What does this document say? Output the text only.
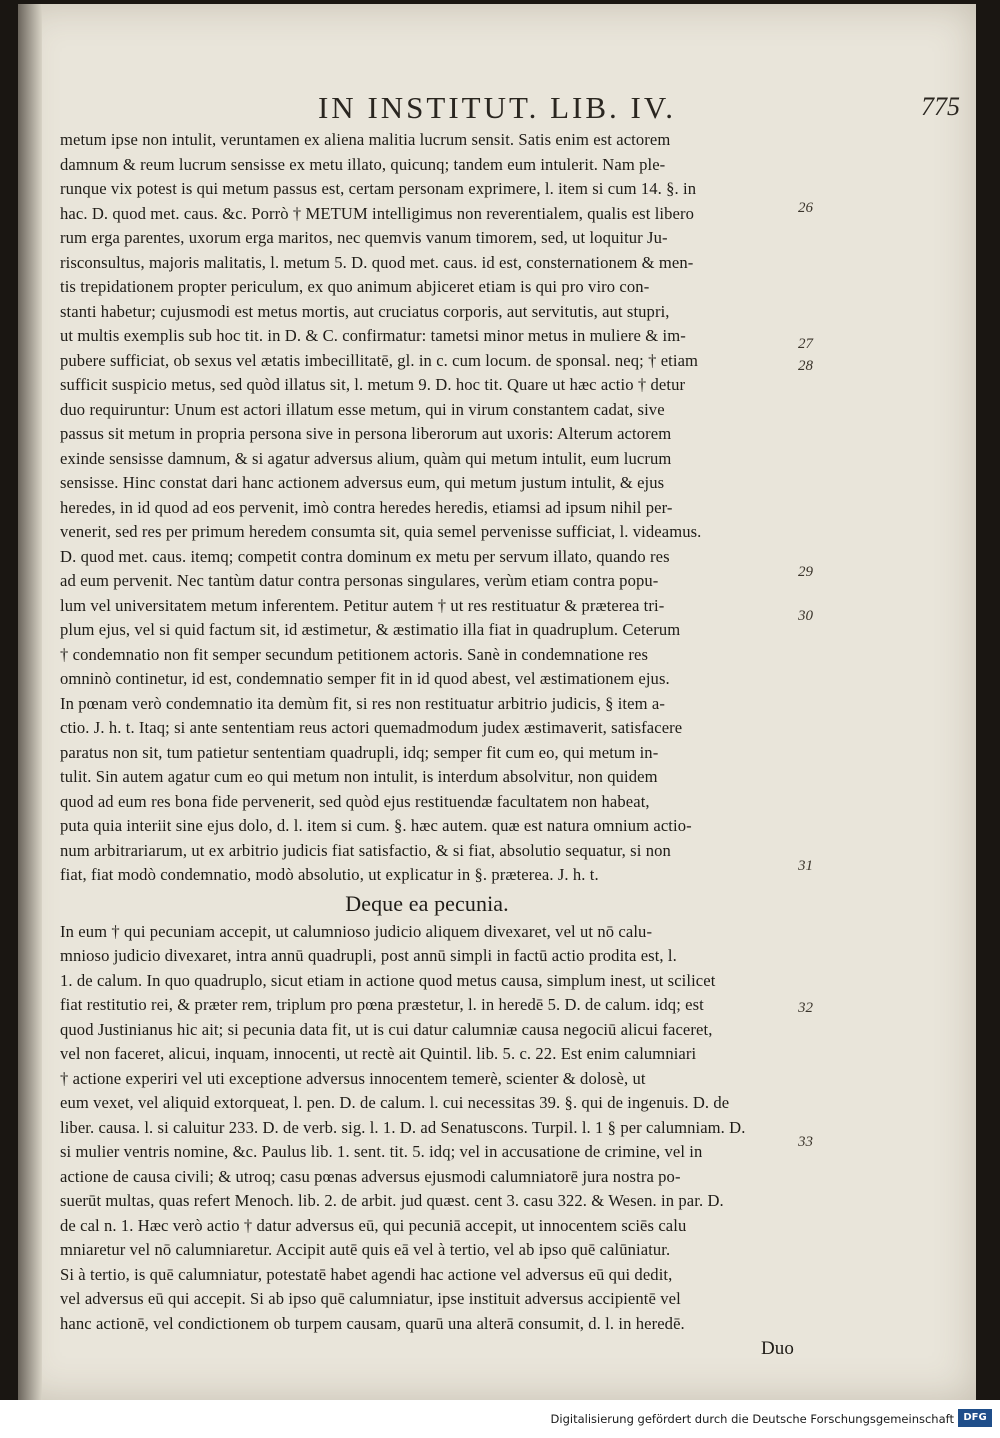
IN INSTITUT. LIB. IV.	775
metum ipse non intulit, veruntamen ex aliena malitia lucrum sensit. Satis enim est actorem
damnum & reum lucrum sensisse ex metu illato, quicunq; tandem eum intulerit. Nam ple-
runque vix potest is qui metum passus est, certam personam exprimere, l. item si cum 14. §. in
hac. D. quod met. caus. &c. Porrò † METUM intelligimus non reverentialem, qualis est libero
rum erga parentes, uxorum erga maritos, nec quemvis vanum timorem, sed, ut loquitur Ju-
risconsultus, majoris malitatis, l. metum 5. D. quod met. caus. id est, consternationem & men-
tis trepidationem propter periculum, ex quo animum abjiceret etiam is qui pro viro con-
stanti habetur; cujusmodi est metus mortis, aut cruciatus corporis, aut servitutis, aut stupri,
ut multis exemplis sub hoc tit. in D. & C. confirmatur: tametsi minor metus in muliere & im-
pubere sufficiat, ob sexus vel ætatis imbecillitatē, gl. in c. cum locum. de sponsal. neq; † etiam
sufficit suspicio metus, sed quòd illatus sit, l. metum 9. D. hoc tit. Quare ut hæc actio † detur
duo requiruntur: Unum est actori illatum esse metum, qui in virum constantem cadat, sive
passus sit metum in propria persona sive in persona liberorum aut uxoris: Alterum actorem
exinde sensisse damnum, & si agatur adversus alium, quàm qui metum intulit, eum lucrum
sensisse. Hinc constat dari hanc actionem adversus eum, qui metum justum intulit, & ejus
heredes, in id quod ad eos pervenit, imò contra heredes heredis, etiamsi ad ipsum nihil per-
venerit, sed res per primum heredem consumta sit, quia semel pervenisse sufficiat, l. videamus.
D. quod met. caus. itemq; competit contra dominum ex metu per servum illato, quando res
ad eum pervenit. Nec tantùm datur contra personas singulares, verùm etiam contra popu-
lum vel universitatem metum inferentem. Petitur autem † ut res restituatur & præterea tri-
plum ejus, vel si quid factum sit, id æstimetur, & æstimatio illa fiat in quadruplum. Ceterum
† condemnatio non fit semper secundum petitionem actoris. Sanè in condemnatione res
omninò continetur, id est, condemnatio semper fit in id quod abest, vel æstimationem ejus.
In pœnam verò condemnatio ita demùm fit, si res non restituatur arbitrio judicis, § item a-
ctio. J. h. t. Itaq; si ante sententiam reus actori quemadmodum judex æstimaverit, satisfacere
paratus non sit, tum patietur sententiam quadrupli, idq; semper fit cum eo, qui metum in-
tulit. Sin autem agatur cum eo qui metum non intulit, is interdum absolvitur, non quidem
quod ad eum res bona fide pervenerit, sed quòd ejus restituendæ facultatem non habeat,
puta quia interiit sine ejus dolo, d. l. item si cum. §. hæc autem. quæ est natura omnium actio-
num arbitrariarum, ut ex arbitrio judicis fiat satisfactio, & si fiat, absolutio sequatur, si non
fiat, fiat modò condemnatio, modò absolutio, ut explicatur in §. præterea. J. h. t.
Deque ea pecunia.
In eum † qui pecuniam accepit, ut calumnioso judicio aliquem divexaret, vel ut nō calu-
mnioso judicio divexaret, intra annū quadrupli, post annū simpli in factū actio prodita est, l.
1. de calum. In quo quadruplo, sicut etiam in actione quod metus causa, simplum inest, ut scilicet
fiat restitutio rei, & præter rem, triplum pro pœna præstetur, l. in heredē 5. D. de calum. idq; est
quod Justinianus hic ait; si pecunia data fit, ut is cui datur calumniæ causa negociū alicui faceret,
vel non faceret, alicui, inquam, innocenti, ut rectè ait Quintil. lib. 5. c. 22. Est enim calumniari
† actione experiri vel uti exceptione adversus innocentem temerè, scienter & dolosè, ut
eum vexet, vel aliquid extorqueat, l. pen. D. de calum. l. cui necessitas 39. §. qui de ingenuis. D. de
liber. causa. l. si caluitur 233. D. de verb. sig. l. 1. D. ad Senatuscons. Turpil. l. 1 § per calumniam. D.
si mulier ventris nomine, &c. Paulus lib. 1. sent. tit. 5. idq; vel in accusatione de crimine, vel in
actione de causa civili; & utroq; casu pœnas adversus ejusmodi calumniatorē jura nostra po-
suerūt multas, quas refert Menoch. lib. 2. de arbit. jud quæst. cent 3. casu 322. & Wesen. in par. D.
de cal n. 1. Hæc verò actio † datur adversus eū, qui pecuniā accepit, ut innocentem sciēs calu
mniaretur vel nō calumniaretur. Accipit autē quis eā vel à tertio, vel ab ipso quē calūniatur.
Si à tertio, is quē calumniatur, potestatē habet agendi hac actione vel adversus eū qui dedit,
vel adversus eū qui accepit. Si ab ipso quē calumniatur, ipse instituit adversus accipientē vel
hanc actionē, vel condictionem ob turpem causam, quarū una alterā consumit, d. l. in heredē.
Duo
26
27
28
29
30
31
32
33
Digitalisierung gefördert durch die Deutsche Forschungsgemeinschaft DFG
